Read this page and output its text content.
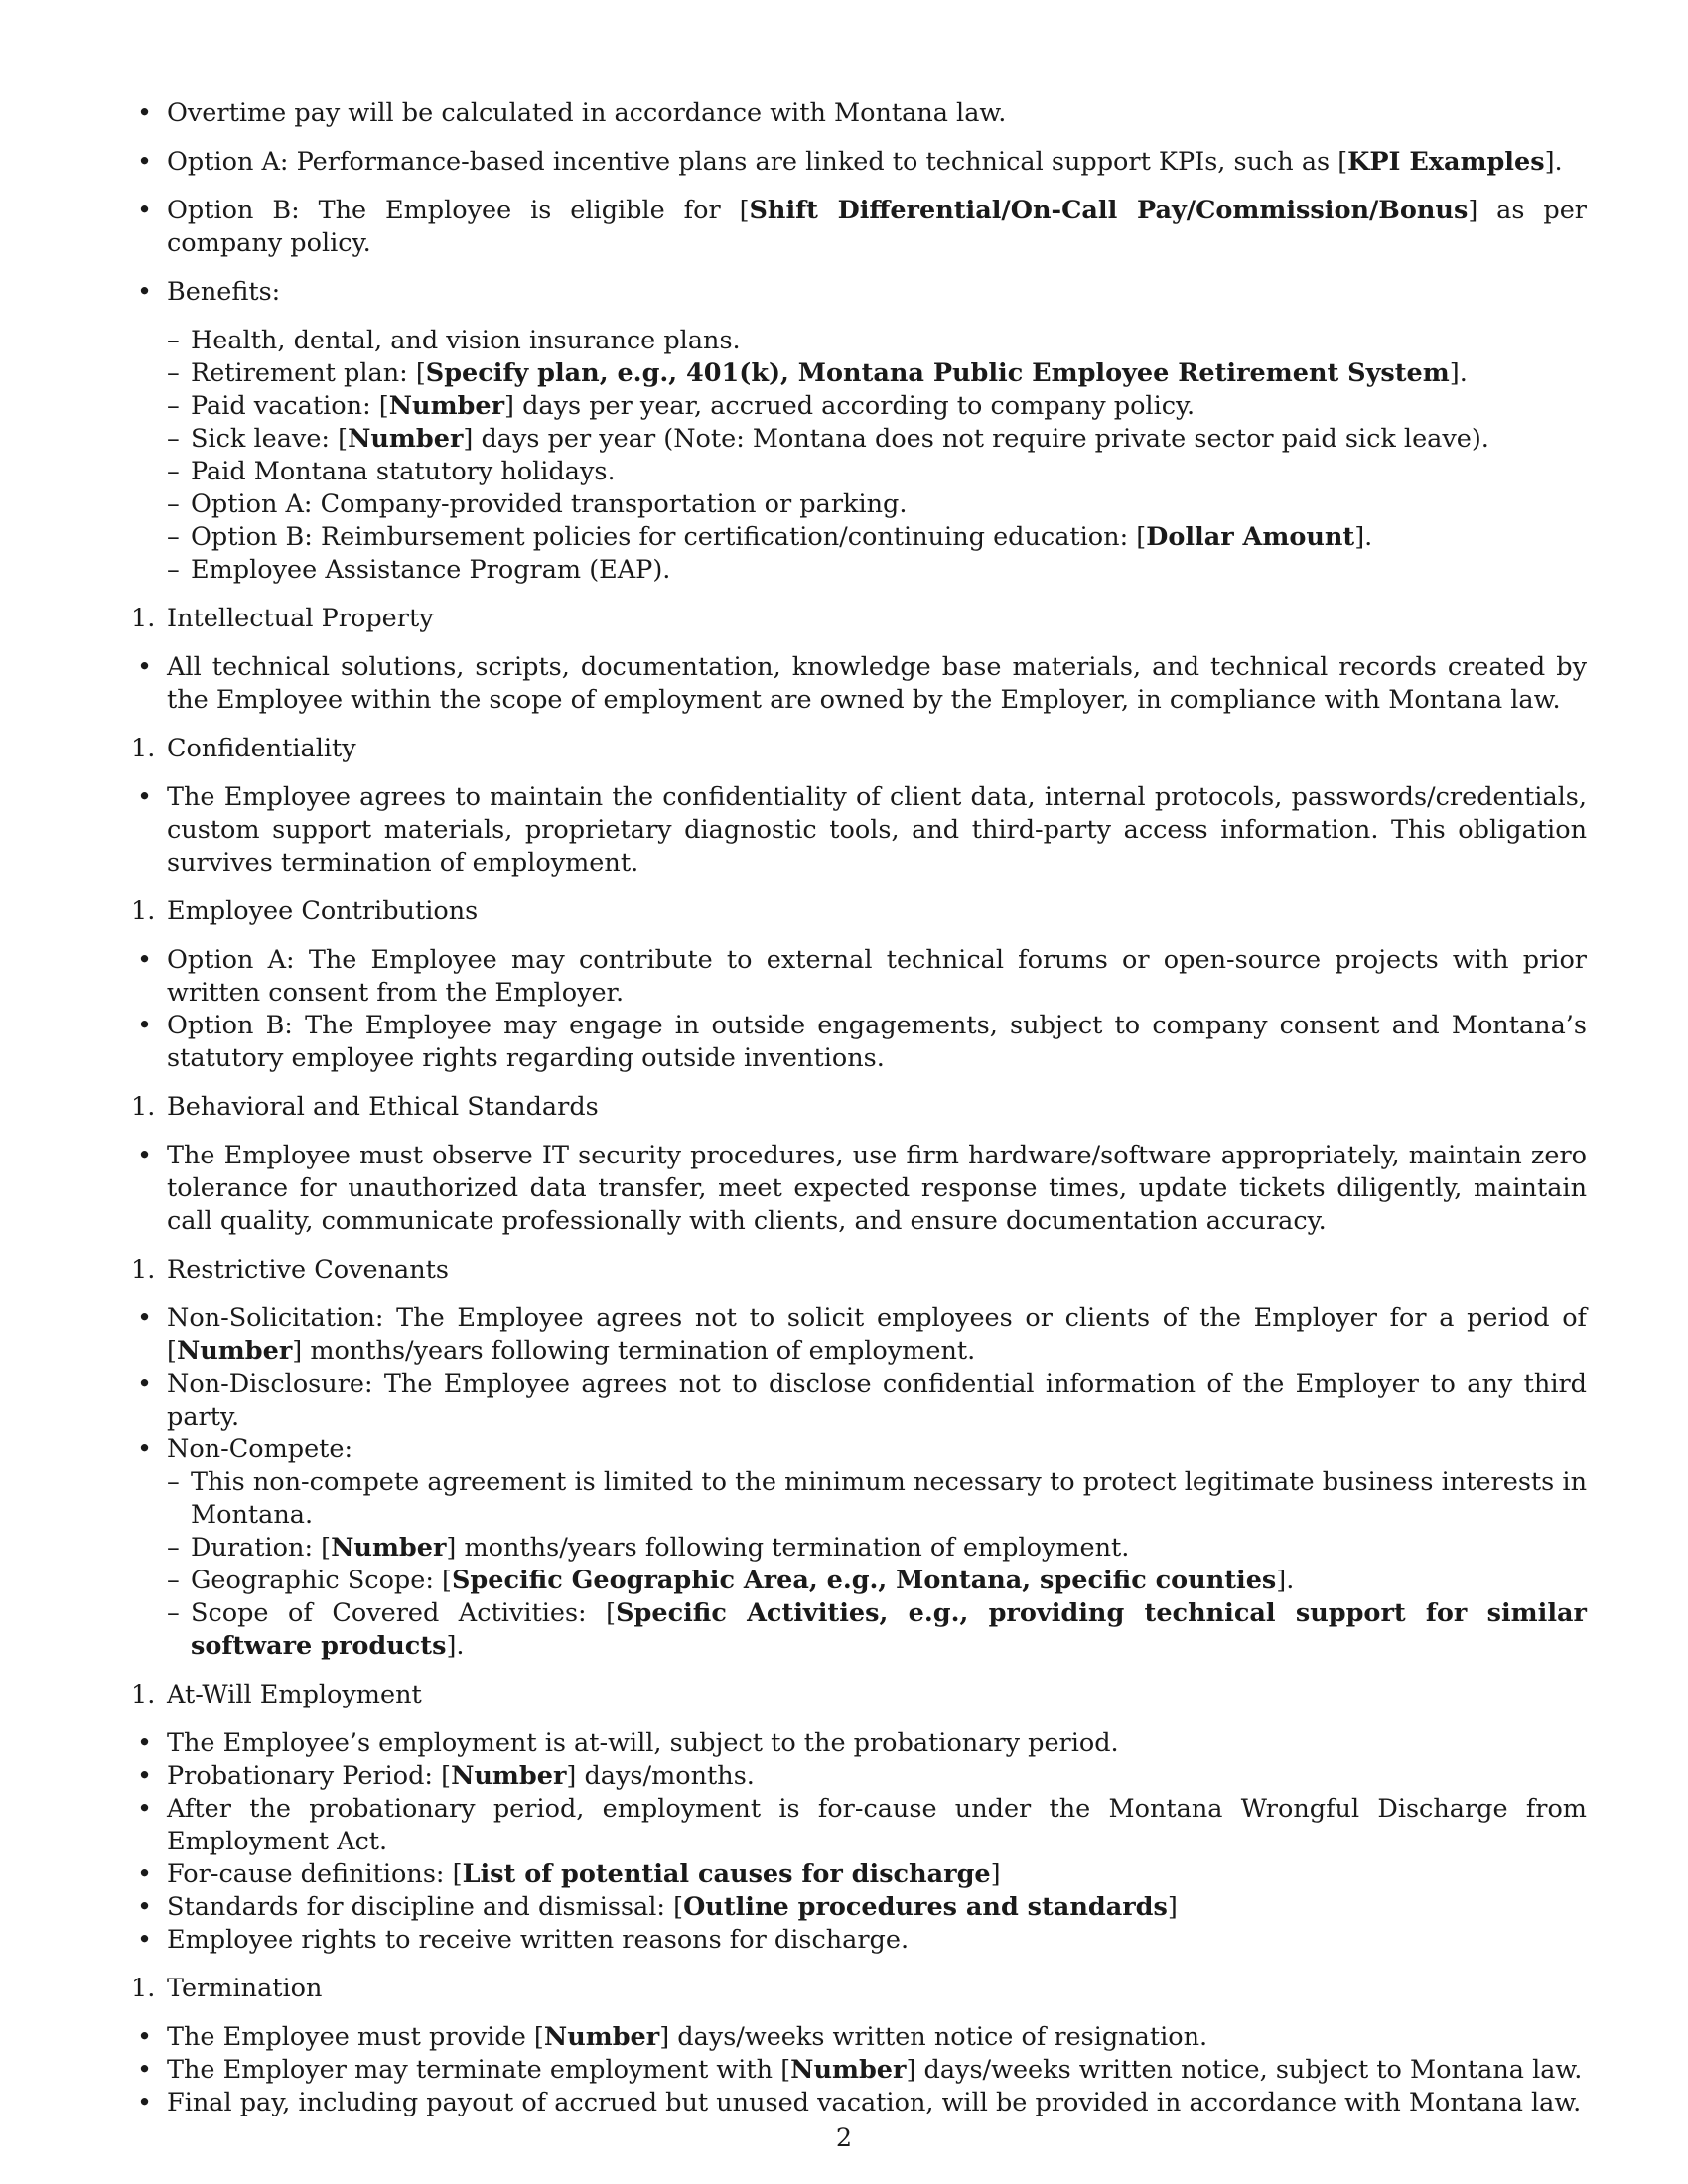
• Overtime pay will be calculated in accordance with Montana law.
• Option A: Performance-based incentive plans are linked to technical support KPIs, such as [KPI Examples].
• Option B: The Employee is eligible for [Shift Differential/On-Call Pay/Commission/Bonus] as per company policy.
• Benefits:
– Health, dental, and vision insurance plans.
– Retirement plan: [Specify plan, e.g., 401(k), Montana Public Employee Retirement System].
– Paid vacation: [Number] days per year, accrued according to company policy.
– Sick leave: [Number] days per year (Note: Montana does not require private sector paid sick leave).
– Paid Montana statutory holidays.
– Option A: Company-provided transportation or parking.
– Option B: Reimbursement policies for certification/continuing education: [Dollar Amount].
– Employee Assistance Program (EAP).
1. Intellectual Property
• All technical solutions, scripts, documentation, knowledge base materials, and technical records created by the Employee within the scope of employment are owned by the Employer, in compliance with Montana law.
1. Confidentiality
• The Employee agrees to maintain the confidentiality of client data, internal protocols, passwords/credentials, custom support materials, proprietary diagnostic tools, and third-party access information. This obligation survives termination of employment.
1. Employee Contributions
• Option A: The Employee may contribute to external technical forums or open-source projects with prior written consent from the Employer.
• Option B: The Employee may engage in outside engagements, subject to company consent and Montana’s statutory employee rights regarding outside inventions.
1. Behavioral and Ethical Standards
• The Employee must observe IT security procedures, use firm hardware/software appropriately, maintain zero tolerance for unauthorized data transfer, meet expected response times, update tickets diligently, maintain call quality, communicate professionally with clients, and ensure documentation accuracy.
1. Restrictive Covenants
• Non-Solicitation: The Employee agrees not to solicit employees or clients of the Employer for a period of [Number] months/years following termination of employment.
• Non-Disclosure: The Employee agrees not to disclose confidential information of the Employer to any third party.
• Non-Compete:
– This non-compete agreement is limited to the minimum necessary to protect legitimate business interests in Montana.
– Duration: [Number] months/years following termination of employment.
– Geographic Scope: [Specific Geographic Area, e.g., Montana, specific counties].
– Scope of Covered Activities: [Specific Activities, e.g., providing technical support for similar software products].
1. At-Will Employment
• The Employee’s employment is at-will, subject to the probationary period.
• Probationary Period: [Number] days/months.
• After the probationary period, employment is for-cause under the Montana Wrongful Discharge from Employment Act.
• For-cause definitions: [List of potential causes for discharge]
• Standards for discipline and dismissal: [Outline procedures and standards]
• Employee rights to receive written reasons for discharge.
1. Termination
• The Employee must provide [Number] days/weeks written notice of resignation.
• The Employer may terminate employment with [Number] days/weeks written notice, subject to Montana law.
• Final pay, including payout of accrued but unused vacation, will be provided in accordance with Montana law.
2
